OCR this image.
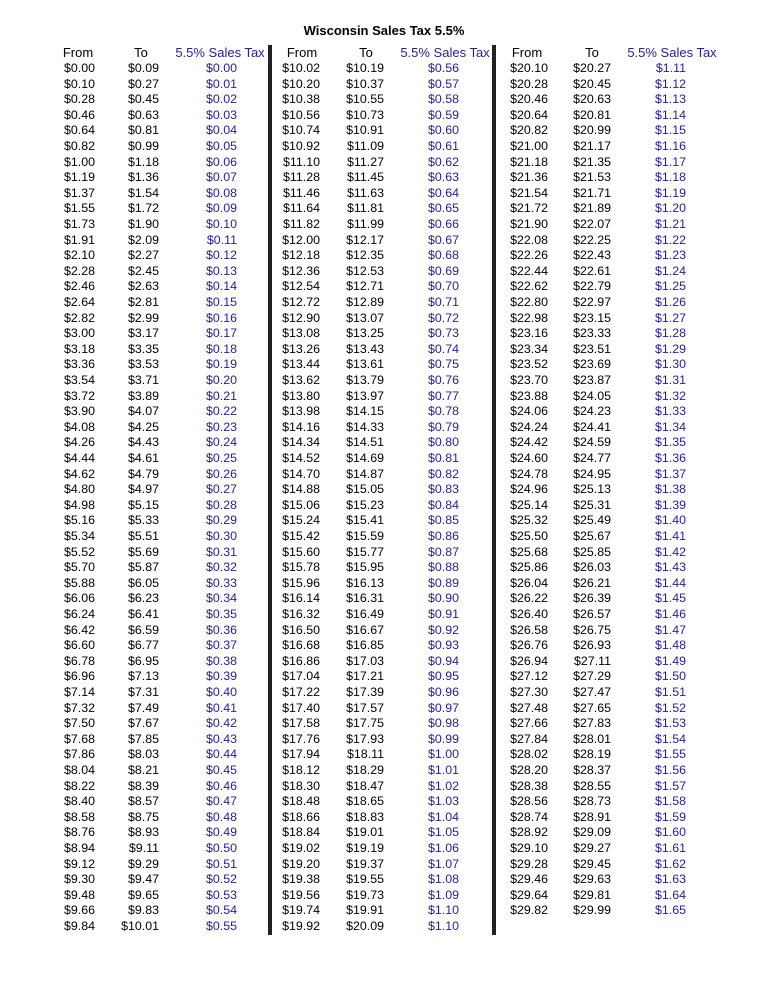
Wisconsin Sales Tax 5.5%
From	To	5.5% Sales Tax
$0.00	$0.09	$0.00
$0.10	$0.27	$0.01
$0.28	$0.45	$0.02
$0.46	$0.63	$0.03
$0.64	$0.81	$0.04
$0.82	$0.99	$0.05
$1.00	$1.18	$0.06
$1.19	$1.36	$0.07
$1.37	$1.54	$0.08
$1.55	$1.72	$0.09
$1.73	$1.90	$0.10
$1.91	$2.09	$0.11
$2.10	$2.27	$0.12
$2.28	$2.45	$0.13
$2.46	$2.63	$0.14
$2.64	$2.81	$0.15
$2.82	$2.99	$0.16
$3.00	$3.17	$0.17
$3.18	$3.35	$0.18
$3.36	$3.53	$0.19
$3.54	$3.71	$0.20
$3.72	$3.89	$0.21
$3.90	$4.07	$0.22
$4.08	$4.25	$0.23
$4.26	$4.43	$0.24
$4.44	$4.61	$0.25
$4.62	$4.79	$0.26
$4.80	$4.97	$0.27
$4.98	$5.15	$0.28
$5.16	$5.33	$0.29
$5.34	$5.51	$0.30
$5.52	$5.69	$0.31
$5.70	$5.87	$0.32
$5.88	$6.05	$0.33
$6.06	$6.23	$0.34
$6.24	$6.41	$0.35
$6.42	$6.59	$0.36
$6.60	$6.77	$0.37
$6.78	$6.95	$0.38
$6.96	$7.13	$0.39
$7.14	$7.31	$0.40
$7.32	$7.49	$0.41
$7.50	$7.67	$0.42
$7.68	$7.85	$0.43
$7.86	$8.03	$0.44
$8.04	$8.21	$0.45
$8.22	$8.39	$0.46
$8.40	$8.57	$0.47
$8.58	$8.75	$0.48
$8.76	$8.93	$0.49
$8.94	$9.11	$0.50
$9.12	$9.29	$0.51
$9.30	$9.47	$0.52
$9.48	$9.65	$0.53
$9.66	$9.83	$0.54
$9.84	$10.01	$0.55
From	To	5.5% Sales Tax
$10.02	$10.19	$0.56
$10.20	$10.37	$0.57
$10.38	$10.55	$0.58
$10.56	$10.73	$0.59
$10.74	$10.91	$0.60
$10.92	$11.09	$0.61
$11.10	$11.27	$0.62
$11.28	$11.45	$0.63
$11.46	$11.63	$0.64
$11.64	$11.81	$0.65
$11.82	$11.99	$0.66
$12.00	$12.17	$0.67
$12.18	$12.35	$0.68
$12.36	$12.53	$0.69
$12.54	$12.71	$0.70
$12.72	$12.89	$0.71
$12.90	$13.07	$0.72
$13.08	$13.25	$0.73
$13.26	$13.43	$0.74
$13.44	$13.61	$0.75
$13.62	$13.79	$0.76
$13.80	$13.97	$0.77
$13.98	$14.15	$0.78
$14.16	$14.33	$0.79
$14.34	$14.51	$0.80
$14.52	$14.69	$0.81
$14.70	$14.87	$0.82
$14.88	$15.05	$0.83
$15.06	$15.23	$0.84
$15.24	$15.41	$0.85
$15.42	$15.59	$0.86
$15.60	$15.77	$0.87
$15.78	$15.95	$0.88
$15.96	$16.13	$0.89
$16.14	$16.31	$0.90
$16.32	$16.49	$0.91
$16.50	$16.67	$0.92
$16.68	$16.85	$0.93
$16.86	$17.03	$0.94
$17.04	$17.21	$0.95
$17.22	$17.39	$0.96
$17.40	$17.57	$0.97
$17.58	$17.75	$0.98
$17.76	$17.93	$0.99
$17.94	$18.11	$1.00
$18.12	$18.29	$1.01
$18.30	$18.47	$1.02
$18.48	$18.65	$1.03
$18.66	$18.83	$1.04
$18.84	$19.01	$1.05
$19.02	$19.19	$1.06
$19.20	$19.37	$1.07
$19.38	$19.55	$1.08
$19.56	$19.73	$1.09
$19.74	$19.91	$1.10
$19.92	$20.09	$1.10
From	To	5.5% Sales Tax
$20.10	$20.27	$1.11
$20.28	$20.45	$1.12
$20.46	$20.63	$1.13
$20.64	$20.81	$1.14
$20.82	$20.99	$1.15
$21.00	$21.17	$1.16
$21.18	$21.35	$1.17
$21.36	$21.53	$1.18
$21.54	$21.71	$1.19
$21.72	$21.89	$1.20
$21.90	$22.07	$1.21
$22.08	$22.25	$1.22
$22.26	$22.43	$1.23
$22.44	$22.61	$1.24
$22.62	$22.79	$1.25
$22.80	$22.97	$1.26
$22.98	$23.15	$1.27
$23.16	$23.33	$1.28
$23.34	$23.51	$1.29
$23.52	$23.69	$1.30
$23.70	$23.87	$1.31
$23.88	$24.05	$1.32
$24.06	$24.23	$1.33
$24.24	$24.41	$1.34
$24.42	$24.59	$1.35
$24.60	$24.77	$1.36
$24.78	$24.95	$1.37
$24.96	$25.13	$1.38
$25.14	$25.31	$1.39
$25.32	$25.49	$1.40
$25.50	$25.67	$1.41
$25.68	$25.85	$1.42
$25.86	$26.03	$1.43
$26.04	$26.21	$1.44
$26.22	$26.39	$1.45
$26.40	$26.57	$1.46
$26.58	$26.75	$1.47
$26.76	$26.93	$1.48
$26.94	$27.11	$1.49
$27.12	$27.29	$1.50
$27.30	$27.47	$1.51
$27.48	$27.65	$1.52
$27.66	$27.83	$1.53
$27.84	$28.01	$1.54
$28.02	$28.19	$1.55
$28.20	$28.37	$1.56
$28.38	$28.55	$1.57
$28.56	$28.73	$1.58
$28.74	$28.91	$1.59
$28.92	$29.09	$1.60
$29.10	$29.27	$1.61
$29.28	$29.45	$1.62
$29.46	$29.63	$1.63
$29.64	$29.81	$1.64
$29.82	$29.99	$1.65
